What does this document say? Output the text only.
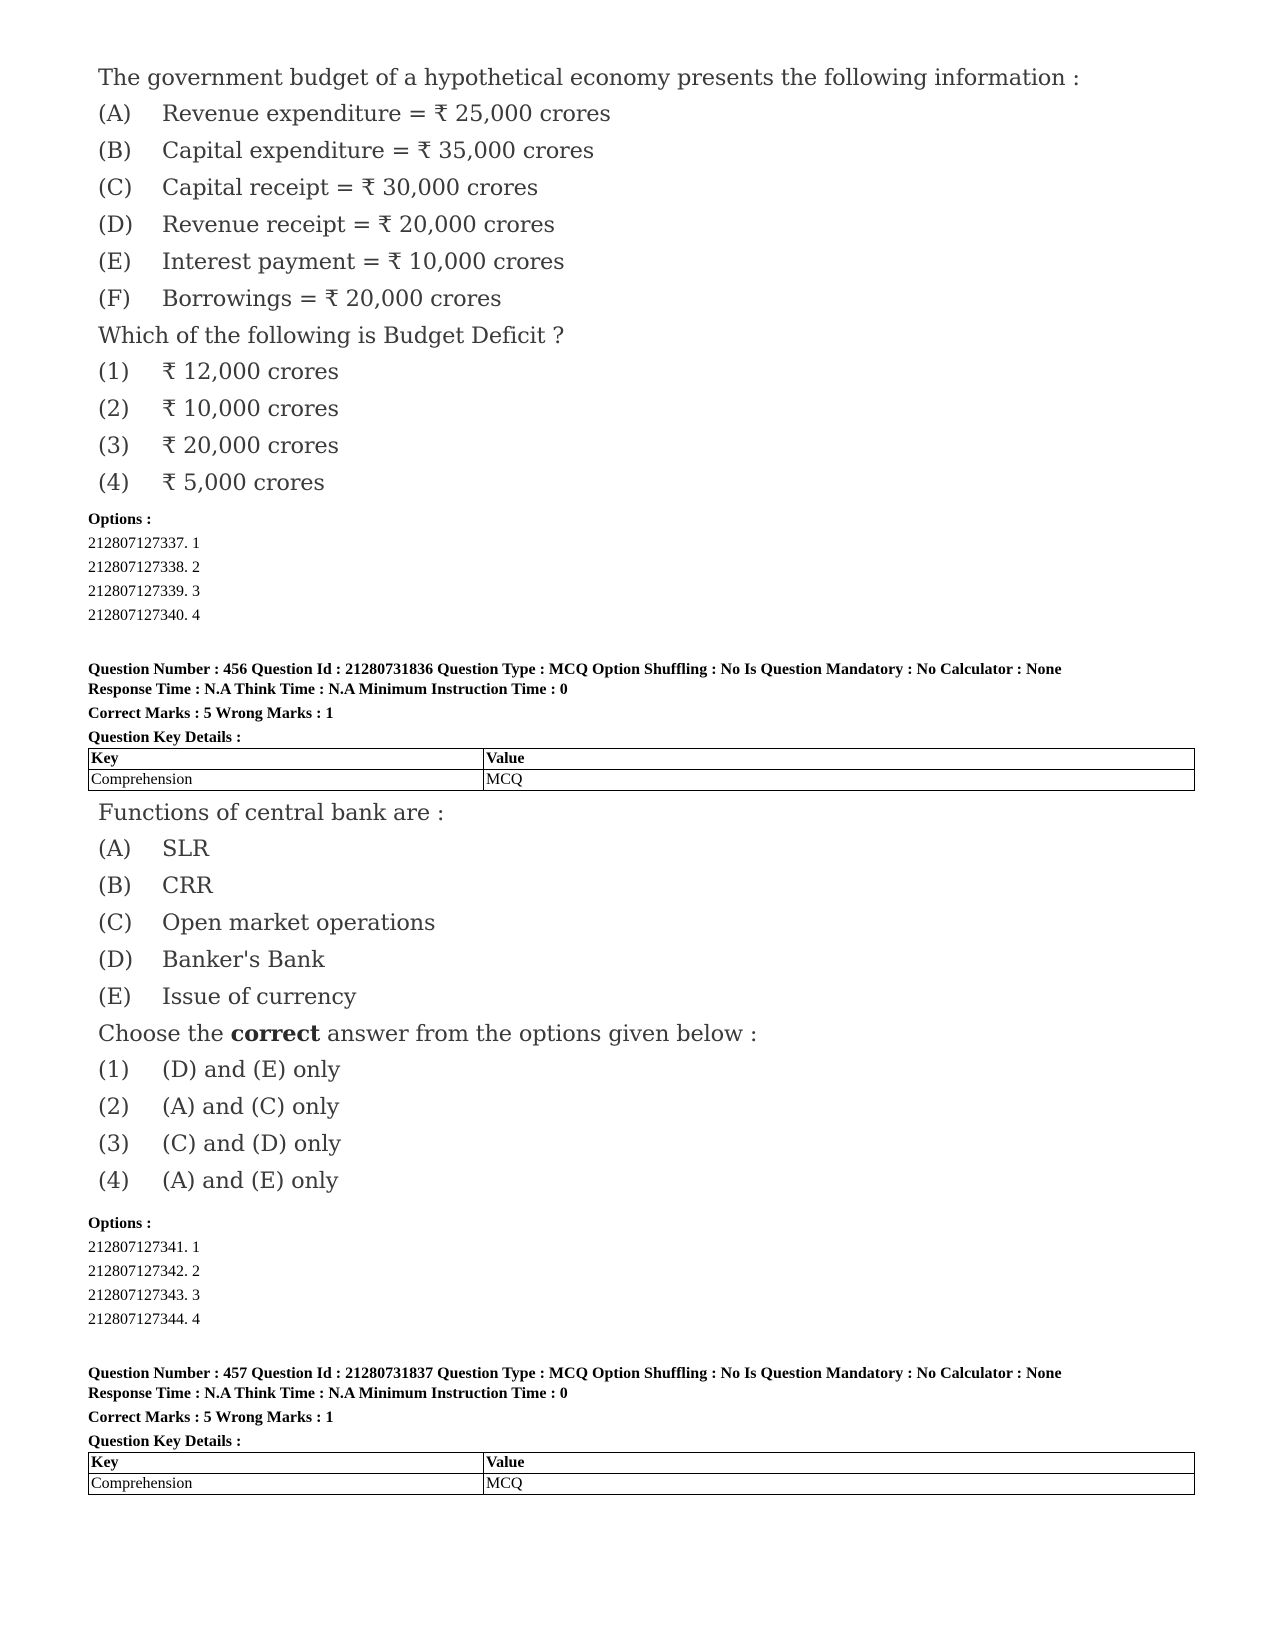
The government budget of a hypothetical economy presents the following information :
(A) Revenue expenditure = ₹ 25,000 crores
(B) Capital expenditure = ₹ 35,000 crores
(C) Capital receipt = ₹ 30,000 crores
(D) Revenue receipt = ₹ 20,000 crores
(E) Interest payment = ₹ 10,000 crores
(F) Borrowings = ₹ 20,000 crores
Which of the following is Budget Deficit ?
(1) ₹ 12,000 crores
(2) ₹ 10,000 crores
(3) ₹ 20,000 crores
(4) ₹ 5,000 crores
Options :
212807127337. 1
212807127338. 2
212807127339. 3
212807127340. 4
Question Number : 456 Question Id : 21280731836 Question Type : MCQ Option Shuffling : No Is Question Mandatory : No Calculator : None
Response Time : N.A Think Time : N.A Minimum Instruction Time : 0
Correct Marks : 5 Wrong Marks : 1
Question Key Details :
Key	Value
Comprehension	MCQ
Functions of central bank are :
(A) SLR
(B) CRR
(C) Open market operations
(D) Banker's Bank
(E) Issue of currency
Choose the correct answer from the options given below :
(1) (D) and (E) only
(2) (A) and (C) only
(3) (C) and (D) only
(4) (A) and (E) only
Options :
212807127341. 1
212807127342. 2
212807127343. 3
212807127344. 4
Question Number : 457 Question Id : 21280731837 Question Type : MCQ Option Shuffling : No Is Question Mandatory : No Calculator : None
Response Time : N.A Think Time : N.A Minimum Instruction Time : 0
Correct Marks : 5 Wrong Marks : 1
Question Key Details :
Key	Value
Comprehension	MCQ
